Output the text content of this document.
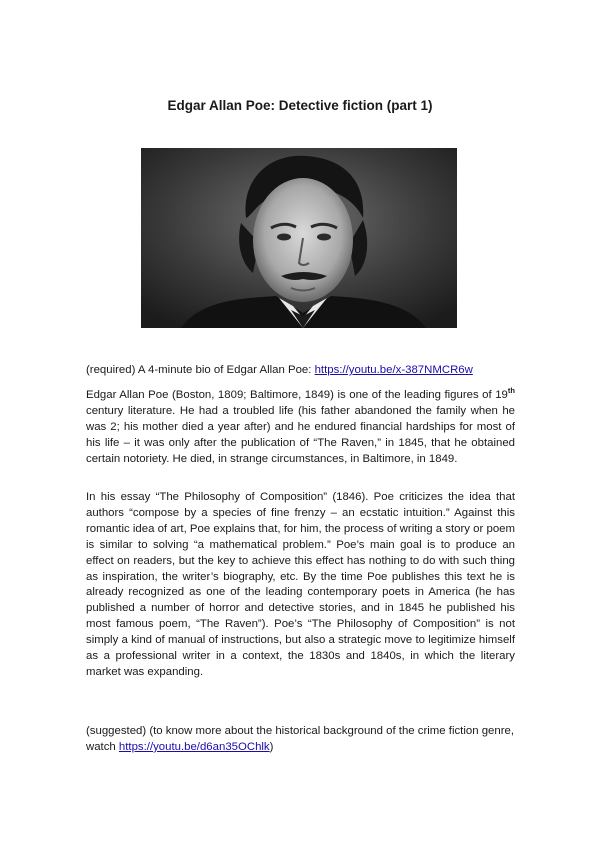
Edgar Allan Poe: Detective fiction (part 1)
(required) A 4-minute bio of Edgar Allan Poe: https://youtu.be/x-387NMCR6w
Edgar Allan Poe (Boston, 1809; Baltimore, 1849) is one of the leading figures of 19th century literature. He had a troubled life (his father abandoned the family when he was 2; his mother died a year after) and he endured financial hardships for most of his life – it was only after the publication of “The Raven,” in 1845, that he obtained certain notoriety. He died, in strange circumstances, in Baltimore, in 1849.
In his essay “The Philosophy of Composition” (1846). Poe criticizes the idea that authors “compose by a species of fine frenzy – an ecstatic intuition.” Against this romantic idea of art, Poe explains that, for him, the process of writing a story or poem is similar to solving “a mathematical problem.” Poe’s main goal is to produce an effect on readers, but the key to achieve this effect has nothing to do with such thing as inspiration, the writer’s biography, etc. By the time Poe publishes this text he is already recognized as one of the leading contemporary poets in America (he has published a number of horror and detective stories, and in 1845 he published his most famous poem, “The Raven”). Poe’s “The Philosophy of Composition” is not simply a kind of manual of instructions, but also a strategic move to legitimize himself as a professional writer in a context, the 1830s and 1840s, in which the literary market was expanding.
(suggested) (to know more about the historical background of the crime fiction genre, watch https://youtu.be/d6an35OChlk)
